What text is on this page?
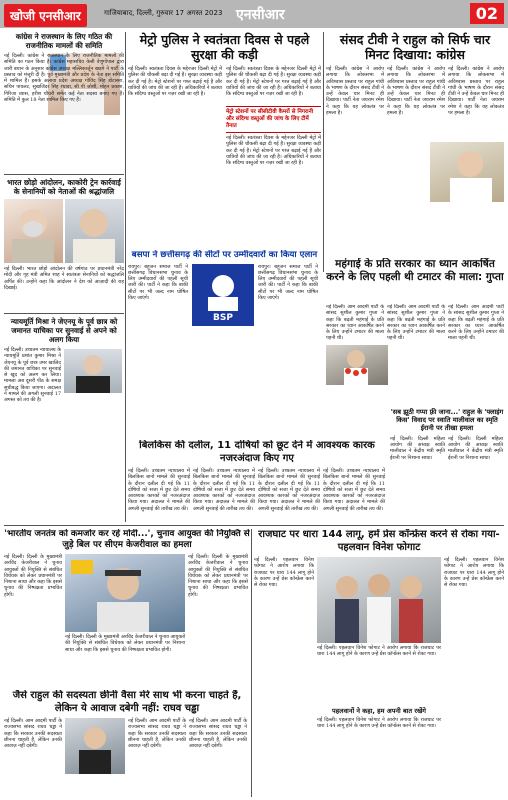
खोजी एनसीआर	गाजियाबाद, दिल्ली, गुरुवार 17 अगस्त 2023 एनसीआर	02
कांग्रेस ने राजस्थान के लिए गठित की राजनीतिक मामलों की समिति
नई दिल्ली। कांग्रेस ने राजस्थान के लिए राजनीतिक मामलों की समिति का गठन किया है। कांग्रेस महासचिव केसी वेणुगोपाल द्वारा जारी बयान के अनुसार कांग्रेस अध्यक्ष मल्लिकार्जुन खड़गे ने पार्टी के प्रस्ताव को मंजूरी दी है। पूर्व मुख्यमंत्री और प्रदेश के नेता इस समिति में शामिल हैं। इसके अलावा प्रदेश अध्यक्ष गोविंद सिंह डोटासरा, सचिन पायलट, सुखजिंदर सिंह रंधावा, सी पी जोशी, मोहन प्रकाश, गिरिजा व्यास, हरीश चौधरी समेत कई नेता सदस्य बनाए गए हैं। समिति में कुल 18 नेता शामिल किए गए हैं।
भारत छोड़ो आंदोलन, काकोरी ट्रेन कार्रवाई के सेनानियों को नेताओं की श्रद्धांजलि
नई दिल्ली। भारत छोड़ो आंदोलन की वर्षगांठ पर प्रधानमंत्री नरेंद्र मोदी और गृह मंत्री अमित शाह ने स्वतंत्रता सेनानियों को श्रद्धांजलि अर्पित की। उन्होंने कहा कि आंदोलन ने देश को आज़ादी की राह दिखाई।
न्यायमूर्ति मिश्रा ने जेएनयू के पूर्व छात्र को जमानत याचिका पर सुनवाई से अपने को अलग किया
नई दिल्ली। उच्चतम न्यायालय के न्यायमूर्ति प्रशांत कुमार मिश्रा ने जेएनयू के पूर्व छात्र उमर खालिद की जमानत याचिका पर सुनवाई से खुद को अलग कर लिया। मामला अब दूसरी पीठ के समक्ष सूचीबद्ध किया जाएगा। अदालत ने मामले की अगली सुनवाई 17 अगस्त को तय की है।
मेट्रो पुलिस ने स्वतंत्रता दिवस से पहले सुरक्षा की कड़ी
नई दिल्ली। स्वतंत्रता दिवस के मद्देनजर दिल्ली मेट्रो में पुलिस की चौकसी बढ़ा दी गई है। सुरक्षा व्यवस्था कड़ी कर दी गई है। मेट्रो स्टेशनों पर गश्त बढ़ाई गई है और यात्रियों की जांच की जा रही है। अधिकारियों ने बताया कि संदिग्ध वस्तुओं पर नज़र रखी जा रही है।
नई दिल्ली। स्वतंत्रता दिवस के मद्देनजर दिल्ली मेट्रो में पुलिस की चौकसी बढ़ा दी गई है। सुरक्षा व्यवस्था कड़ी कर दी गई है। मेट्रो स्टेशनों पर गश्त बढ़ाई गई है और यात्रियों की जांच की जा रही है। अधिकारियों ने बताया कि संदिग्ध वस्तुओं पर नज़र रखी जा रही है।
मेट्रो स्टेशनों पर सीसीटीवी कैमरों से निगरानी और संदिग्ध वस्तुओं की जांच के लिए टीमें तैनात
नई दिल्ली। स्वतंत्रता दिवस के मद्देनजर दिल्ली मेट्रो में पुलिस की चौकसी बढ़ा दी गई है। सुरक्षा व्यवस्था कड़ी कर दी गई है। मेट्रो स्टेशनों पर गश्त बढ़ाई गई है और यात्रियों की जांच की जा रही है। अधिकारियों ने बताया कि संदिग्ध वस्तुओं पर नज़र रखी जा रही है।
बसपा ने छत्तीसगढ़ की सीटों पर उम्मीदवारों का किया एलान
रायपुर। बहुजन समाज पार्टी ने छत्तीसगढ़ विधानसभा चुनाव के लिए उम्मीदवारों की पहली सूची जारी की। पार्टी ने कहा कि बाकी सीटों पर भी जल्द नाम घोषित किए जाएंगे।
BSP
रायपुर। बहुजन समाज पार्टी ने छत्तीसगढ़ विधानसभा चुनाव के लिए उम्मीदवारों की पहली सूची जारी की। पार्टी ने कहा कि बाकी सीटों पर भी जल्द नाम घोषित किए जाएंगे।
संसद टीवी ने राहुल को सिर्फ चार मिनट दिखाया: कांग्रेस
नई दिल्ली। कांग्रेस ने आरोप लगाया कि लोकसभा में अविश्वास प्रस्ताव पर राहुल गांधी के भाषण के दौरान संसद टीवी ने उन्हें केवल चार मिनट ही दिखाया। पार्टी नेता जयराम रमेश ने कहा कि यह लोकतंत्र पर हमला है।
नई दिल्ली। कांग्रेस ने आरोप लगाया कि लोकसभा में अविश्वास प्रस्ताव पर राहुल गांधी के भाषण के दौरान संसद टीवी ने उन्हें केवल चार मिनट ही दिखाया। पार्टी नेता जयराम रमेश ने कहा कि यह लोकतंत्र पर हमला है।
नई दिल्ली। कांग्रेस ने आरोप लगाया कि लोकसभा में अविश्वास प्रस्ताव पर राहुल गांधी के भाषण के दौरान संसद टीवी ने उन्हें केवल चार मिनट ही दिखाया। पार्टी नेता जयराम रमेश ने कहा कि यह लोकतंत्र पर हमला है।
महंगाई के प्रति सरकार का ध्यान आकर्षित करने के लिए पहली थी टमाटर की माला: गुप्ता
नई दिल्ली। आम आदमी पार्टी के सांसद सुशील कुमार गुप्ता ने कहा कि बढ़ती महंगाई के प्रति सरकार का ध्यान आकर्षित करने के लिए उन्होंने टमाटर की माला पहनी थी।
नई दिल्ली। आम आदमी पार्टी के सांसद सुशील कुमार गुप्ता ने कहा कि बढ़ती महंगाई के प्रति सरकार का ध्यान आकर्षित करने के लिए उन्होंने टमाटर की माला पहनी थी।
नई दिल्ली। आम आदमी पार्टी के सांसद सुशील कुमार गुप्ता ने कहा कि बढ़ती महंगाई के प्रति सरकार का ध्यान आकर्षित करने के लिए उन्होंने टमाटर की माला पहनी थी।
'सब झूठी गप्पा फ़्री जाना...' राहुल के 'फ्लाइंग किस' विवाद पर स्वाति मालीवाल का स्मृति ईरानी पर तीखा हमला
नई दिल्ली। दिल्ली महिला आयोग की अध्यक्ष स्वाति मालीवाल ने केंद्रीय मंत्री स्मृति ईरानी पर निशाना साधा।
नई दिल्ली। दिल्ली महिला आयोग की अध्यक्ष स्वाति मालीवाल ने केंद्रीय मंत्री स्मृति ईरानी पर निशाना साधा।
बिलकिस की दलील, 11 दोषियों को छूट देने में आवश्यक कारक नजरअंदाज किए गए
नई दिल्ली। उच्चतम न्यायालय में बिलकिस बानो मामले की सुनवाई के दौरान दलील दी गई कि 11 दोषियों को सजा में छूट देते समय आवश्यक कारकों को नजरअंदाज किया गया। अदालत ने मामले की अगली सुनवाई की तारीख तय की।
नई दिल्ली। उच्चतम न्यायालय में बिलकिस बानो मामले की सुनवाई के दौरान दलील दी गई कि 11 दोषियों को सजा में छूट देते समय आवश्यक कारकों को नजरअंदाज किया गया। अदालत ने मामले की अगली सुनवाई की तारीख तय की।
नई दिल्ली। उच्चतम न्यायालय में बिलकिस बानो मामले की सुनवाई के दौरान दलील दी गई कि 11 दोषियों को सजा में छूट देते समय आवश्यक कारकों को नजरअंदाज किया गया। अदालत ने मामले की अगली सुनवाई की तारीख तय की।
नई दिल्ली। उच्चतम न्यायालय में बिलकिस बानो मामले की सुनवाई के दौरान दलील दी गई कि 11 दोषियों को सजा में छूट देते समय आवश्यक कारकों को नजरअंदाज किया गया। अदालत ने मामले की अगली सुनवाई की तारीख तय की।
'भारतीय जनतंत्र को कमजोर कर रहे मोदी...', चुनाव आयुक्त की नियुक्ति से जुड़े बिल पर सीएम केजरीवाल का हमला
नई दिल्ली। दिल्ली के मुख्यमंत्री अरविंद केजरीवाल ने चुनाव आयुक्तों की नियुक्ति से संबंधित विधेयक को लेकर प्रधानमंत्री पर निशाना साधा और कहा कि इससे चुनाव की निष्पक्षता प्रभावित होगी।
नई दिल्ली। दिल्ली के मुख्यमंत्री अरविंद केजरीवाल ने चुनाव आयुक्तों की नियुक्ति से संबंधित विधेयक को लेकर प्रधानमंत्री पर निशाना साधा और कहा कि इससे चुनाव की निष्पक्षता प्रभावित होगी।
नई दिल्ली। दिल्ली के मुख्यमंत्री अरविंद केजरीवाल ने चुनाव आयुक्तों की नियुक्ति से संबंधित विधेयक को लेकर प्रधानमंत्री पर निशाना साधा और कहा कि इससे चुनाव की निष्पक्षता प्रभावित होगी।
राजघाट पर धारा 144 लागू, हमें प्रेस कॉन्फ्रेंस करने से रोका गया- पहलवान विनेश फोगाट
नई दिल्ली। पहलवान विनेश फोगाट ने आरोप लगाया कि राजघाट पर धारा 144 लागू होने के कारण उन्हें प्रेस कॉन्फ्रेंस करने से रोका गया।
नई दिल्ली। पहलवान विनेश फोगाट ने आरोप लगाया कि राजघाट पर धारा 144 लागू होने के कारण उन्हें प्रेस कॉन्फ्रेंस करने से रोका गया।
पहलवानों ने कहा, हम अपनी बात रखेंगे
नई दिल्ली। पहलवान विनेश फोगाट ने आरोप लगाया कि राजघाट पर धारा 144 लागू होने के कारण उन्हें प्रेस कॉन्फ्रेंस करने से रोका गया।
नई दिल्ली। पहलवान विनेश फोगाट ने आरोप लगाया कि राजघाट पर धारा 144 लागू होने के कारण उन्हें प्रेस कॉन्फ्रेंस करने से रोका गया।
जैसे राहुल की सदस्यता छीनी वैसा मेरे साथ भी करना चाहते हैं, लेकिन ये आवाज दबेगी नहीं: राघव चड्ढा
नई दिल्ली। आम आदमी पार्टी के राज्यसभा सांसद राघव चड्ढा ने कहा कि सरकार उनकी सदस्यता छीनना चाहती है, लेकिन उनकी आवाज़ नहीं दबेगी।
नई दिल्ली। आम आदमी पार्टी के राज्यसभा सांसद राघव चड्ढा ने कहा कि सरकार उनकी सदस्यता छीनना चाहती है, लेकिन उनकी आवाज़ नहीं दबेगी।
नई दिल्ली। आम आदमी पार्टी के राज्यसभा सांसद राघव चड्ढा ने कहा कि सरकार उनकी सदस्यता छीनना चाहती है, लेकिन उनकी आवाज़ नहीं दबेगी।
